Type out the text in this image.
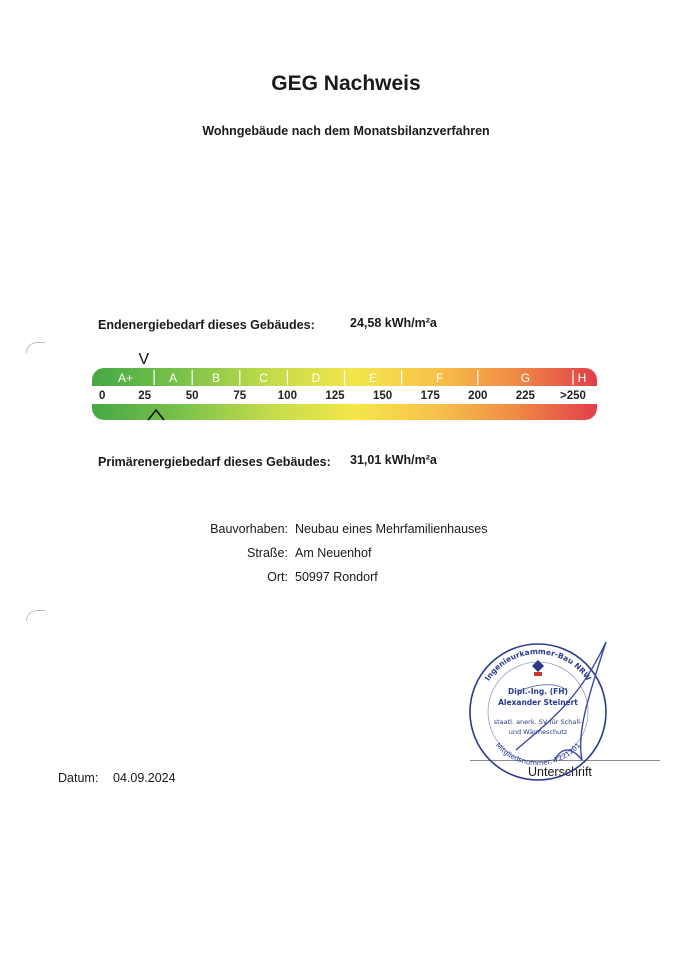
GEG Nachweis
Wohngebäude nach dem Monatsbilanzverfahren
Endenergiebedarf dieses Gebäudes:	24,58 kWh/m²a
V
A+	A	B	C	D	E	F	G	H
0	25	50	75	100 125 150 175 200 225 >250
Primärenergiebedarf dieses Gebäudes: 31,01 kWh/m²a
Bauvorhaben: Neubau eines Mehrfamilienhauses
Straße: Am Neuenhof
Ort: 50997 Rondorf
Datum: 04.09.2024	Unterschrift
Ingenieurkammer-Bau NRW
Mitgliedsnummer: 7221201
Dipl.-Ing. (FH)
Alexander Steinert
staatl. anerk. SV für Schall-
und Wärmeschutz
